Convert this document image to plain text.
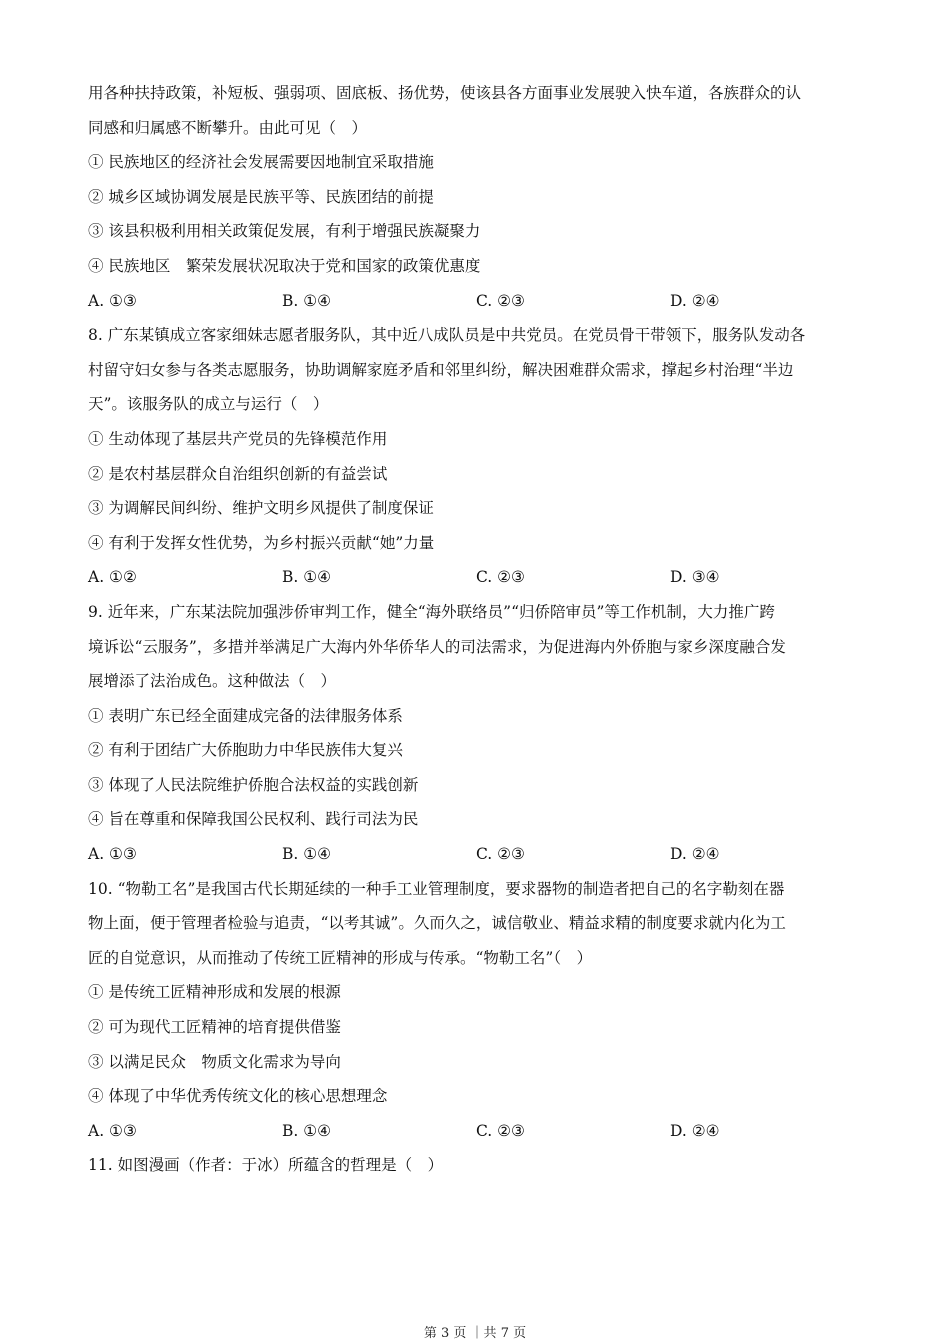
用各种扶持政策，补短板、强弱项、固底板、扬优势，使该县各方面事业发展驶入快车道，各族群众的认
同感和归属感不断攀升。由此可见（　）
① 民族地区的经济社会发展需要因地制宜采取措施
② 城乡区域协调发展是民族平等、民族团结的前提
③ 该县积极利用相关政策促发展，有利于增强民族凝聚力
④ 民族地区　繁荣发展状况取决于党和国家的政策优惠度
A. ①③	B. ①④	C. ②③	D. ②④
8. 广东某镇成立客家细妹志愿者服务队，其中近八成队员是中共党员。在党员骨干带领下，服务队发动各
村留守妇女参与各类志愿服务，协助调解家庭矛盾和邻里纠纷，解决困难群众需求，撑起乡村治理“半边
天”。该服务队的成立与运行（　）
① 生动体现了基层共产党员的先锋模范作用
② 是农村基层群众自治组织创新的有益尝试
③ 为调解民间纠纷、维护文明乡风提供了制度保证
④ 有利于发挥女性优势，为乡村振兴贡献“她”力量
A. ①②	B. ①④	C. ②③	D. ③④
9. 近年来，广东某法院加强涉侨审判工作，健全“海外联络员”“归侨陪审员”等工作机制，大力推广跨
境诉讼“云服务”，多措并举满足广大海内外华侨华人的司法需求，为促进海内外侨胞与家乡深度融合发
展增添了法治成色。这种做法（　）
① 表明广东已经全面建成完备的法律服务体系
② 有利于团结广大侨胞助力中华民族伟大复兴
③ 体现了人民法院维护侨胞合法权益的实践创新
④ 旨在尊重和保障我国公民权利、践行司法为民
A. ①③	B. ①④	C. ②③	D. ②④
10. “物勒工名”是我国古代长期延续的一种手工业管理制度，要求器物的制造者把自己的名字勒刻在器
物上面，便于管理者检验与追责，“以考其诚”。久而久之，诚信敬业、精益求精的制度要求就内化为工
匠的自觉意识，从而推动了传统工匠精神的形成与传承。“物勒工名”（　）
① 是传统工匠精神形成和发展的根源
② 可为现代工匠精神的培育提供借鉴
③ 以满足民众　物质文化需求为导向
④ 体现了中华优秀传统文化的核心思想理念
A. ①③	B. ①④	C. ②③	D. ②④
11. 如图漫画（作者：于冰）所蕴含的哲理是（　）
第 3 页 ｜共 7 页
